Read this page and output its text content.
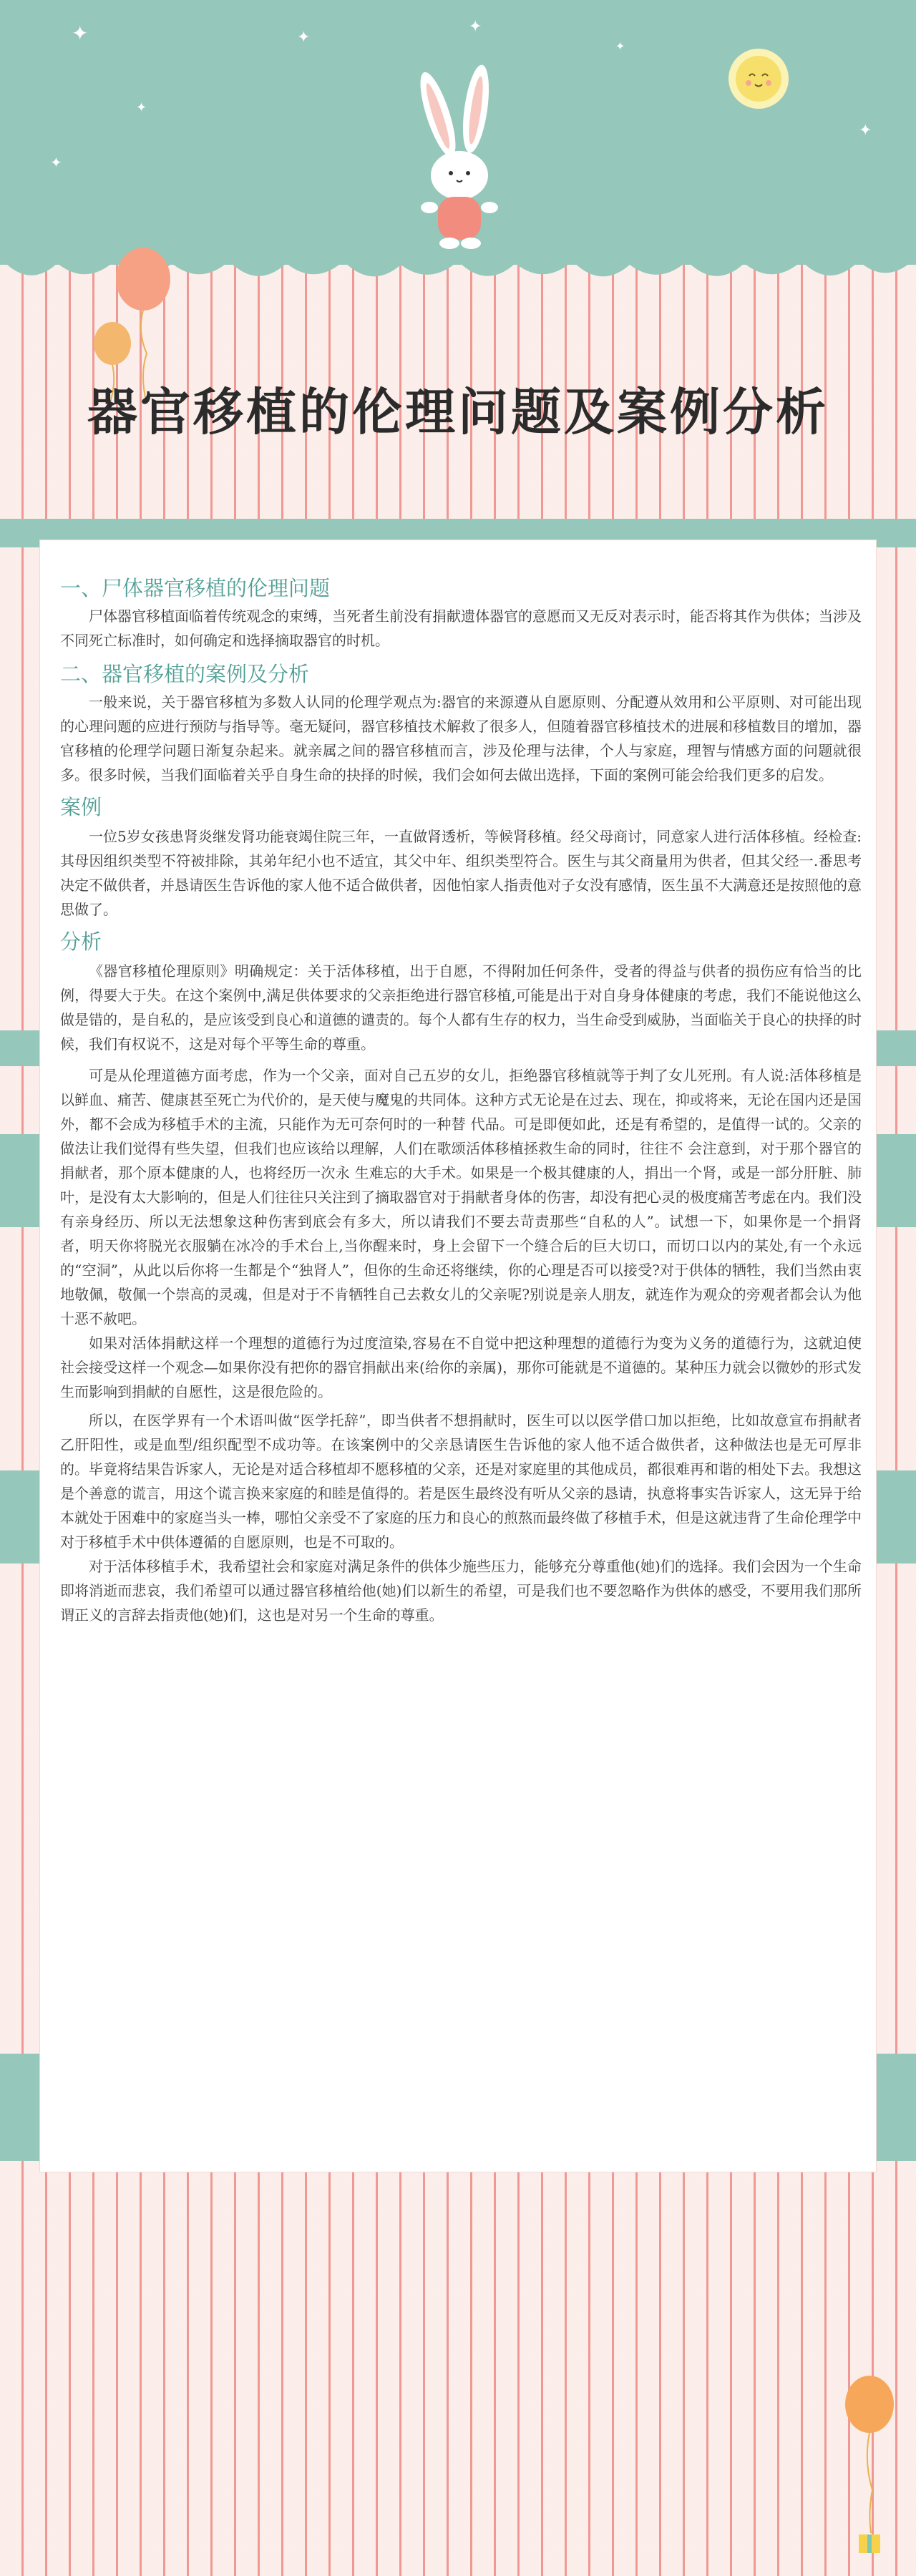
✦
✦
✦
✦
✦
✦
✦
器官移植的伦理问题及案例分析
一、尸体器官移植的伦理问题

尸体器官移植面临着传统观念的束缚，当死者生前没有捐献遗体器官的意愿而又无反对表示时，能否将其作为供体；当涉及不同死亡标准时，如何确定和选择摘取器官的时机。

二、器官移植的案例及分析

一般来说，关于器官移植为多数人认同的伦理学观点为:器官的来源遵从自愿原则、分配遵从效用和公平原则、对可能出现的心理问题的应进行预防与指导等。毫无疑问，器官移植技术解救了很多人，但随着器官移植技术的进展和移植数目的增加，器官移植的伦理学问题日渐复杂起来。就亲属之间的器官移植而言，涉及伦理与法律，个人与家庭，理智与情感方面的问题就很多。很多时候，当我们面临着关乎自身生命的抉择的时候，我们会如何去做出选择，下面的案例可能会给我们更多的启发。

案例

一位5岁女孩患肾炎继发肾功能衰竭住院三年，一直做肾透析，等候肾移植。经父母商讨，同意家人进行活体移植。经检查:其母因组织类型不符被排除，其弟年纪小也不适宜，其父中年、组织类型符合。医生与其父商量用为供者，但其父经一.番思考决定不做供者，并恳请医生告诉他的家人他不适合做供者，因他怕家人指责他对子女没有感情，医生虽不大满意还是按照他的意思做了。

分析

《器官移植伦理原则》明确规定：关于活体移植，出于自愿，不得附加任何条件，受者的得益与供者的损伤应有恰当的比例，得要大于失。在这个案例中,满足供体要求的父亲拒绝进行器官移植,可能是出于对自身身体健康的考虑，我们不能说他这么做是错的，是自私的，是应该受到良心和道德的谴责的。每个人都有生存的权力，当生命受到威胁，当面临关于良心的抉择的时候，我们有权说不，这是对每个平等生命的尊重。

可是从伦理道德方面考虑，作为一个父亲，面对自己五岁的女儿，拒绝器官移植就等于判了女儿死刑。有人说:活体移植是以鲜血、痛苦、健康甚至死亡为代价的，是天使与魔鬼的共同体。这种方式无论是在过去、现在，抑或将来，无论在国内还是国外，都不会成为移植手术的主流，只能作为无可奈何时的一种替 代品。可是即便如此，还是有希望的，是值得一试的。父亲的做法让我们觉得有些失望，但我们也应该给以理解，人们在歌颂活体移植拯救生命的同时，往往不 会注意到，对于那个器官的捐献者，那个原本健康的人，也将经历一次永 生难忘的大手术。如果是一个极其健康的人，捐出一个肾，或是一部分肝脏、肺叶，是没有太大影响的，但是人们往往只关注到了摘取器官对于捐献者身体的伤害，却没有把心灵的极度痛苦考虑在内。我们没有亲身经历、所以无法想象这种伤害到底会有多大，所以请我们不要去苛责那些“自私的人”。试想一下，如果你是一个捐肾者，明天你将脱光衣服躺在冰冷的手术台上,当你醒来时，身上会留下一个缝合后的巨大切口，而切口以内的某处,有一个永远的“空洞”，从此以后你将一生都是个“独肾人”，但你的生命还将继续，你的心理是否可以接受?对于供体的牺牲，我们当然由衷地敬佩，敬佩一个崇高的灵魂，但是对于不肯牺牲自己去救女儿的父亲呢?别说是亲人朋友，就连作为观众的旁观者都会认为他十恶不赦吧。

如果对活体捐献这样一个理想的道德行为过度渲染,容易在不自觉中把这种理想的道德行为变为义务的道德行为，这就迫使社会接受这样一个观念—如果你没有把你的器官捐献出来(给你的亲属)，那你可能就是不道德的。某种压力就会以微妙的形式发生而影响到捐献的自愿性，这是很危险的。

所以，在医学界有一个术语叫做“医学托辞”，即当供者不想捐献时，医生可以以医学借口加以拒绝，比如故意宣布捐献者乙肝阳性，或是血型/组织配型不成功等。在该案例中的父亲恳请医生告诉他的家人他不适合做供者，这种做法也是无可厚非的。毕竟将结果告诉家人，无论是对适合移植却不愿移植的父亲，还是对家庭里的其他成员，都很难再和谐的相处下去。我想这是个善意的谎言，用这个谎言换来家庭的和睦是值得的。若是医生最终没有听从父亲的恳请，执意将事实告诉家人，这无异于给本就处于困难中的家庭当头一棒，哪怕父亲受不了家庭的压力和良心的煎熬而最终做了移植手术，但是这就违背了生命伦理学中对于移植手术中供体遵循的自愿原则，也是不可取的。

对于活体移植手术，我希望社会和家庭对满足条件的供体少施些压力，能够充分尊重他(她)们的选择。我们会因为一个生命即将消逝而悲哀，我们希望可以通过器官移植给他(她)们以新生的希望，可是我们也不要忽略作为供体的感受，不要用我们那所谓正义的言辞去指责他(她)们，这也是对另一个生命的尊重。
